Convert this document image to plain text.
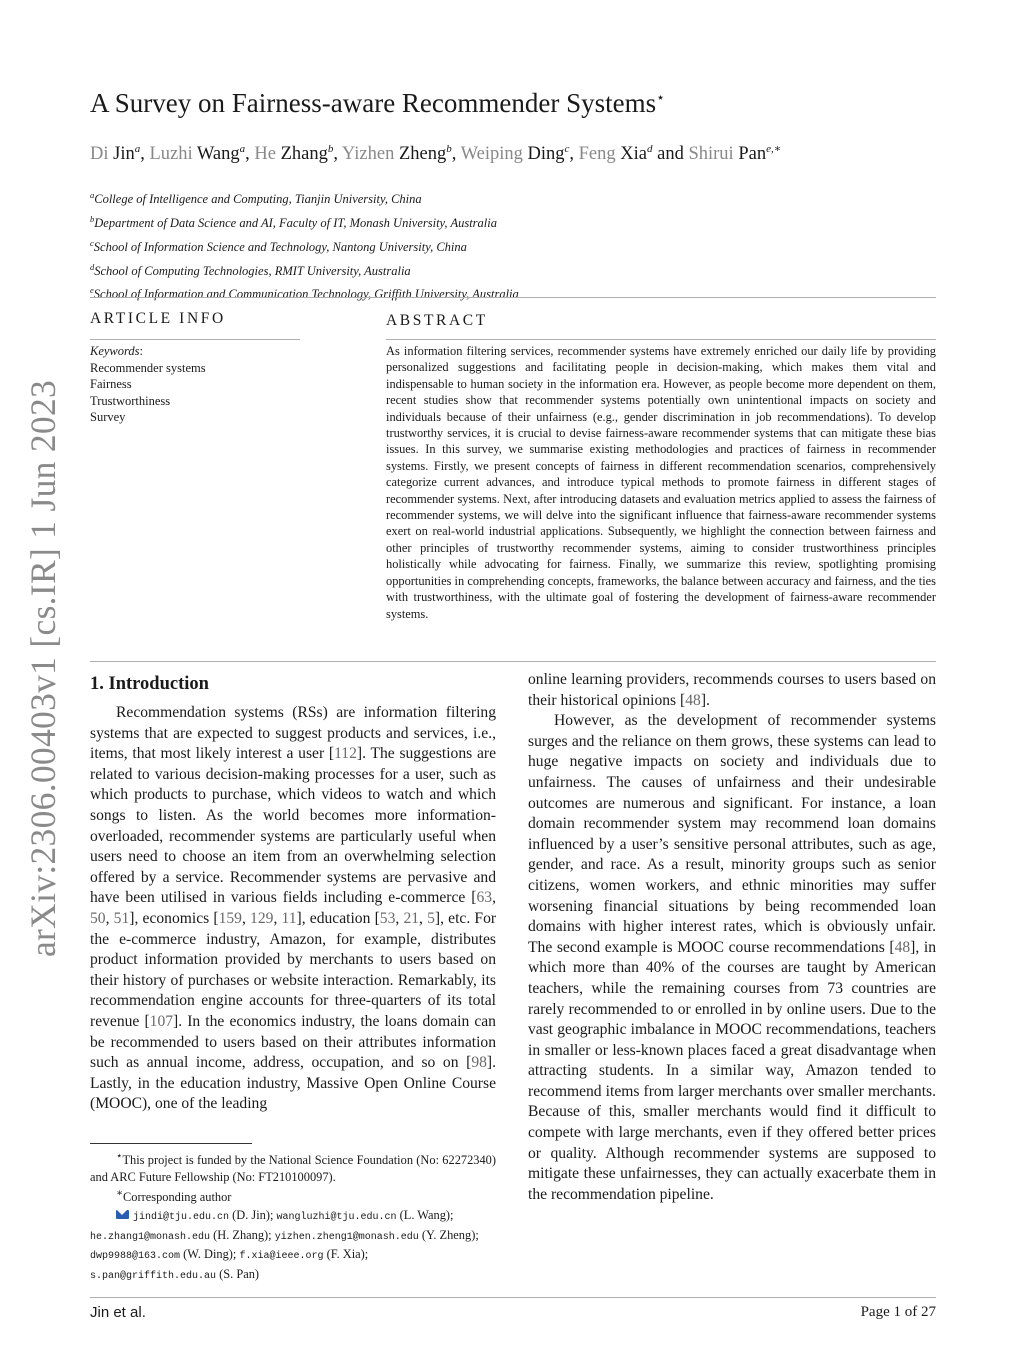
A Survey on Fairness-aware Recommender Systems⋆
Di Jin$^a$, Luzhi Wang$^a$, He Zhang$^b$, Yizhen Zheng$^b$, Weiping Ding$^c$, Feng Xia$^d$ and Shirui Pan$^{e,∗}$
$^a$College of Intelligence and Computing, Tianjin University, China
$^b$Department of Data Science and AI, Faculty of IT, Monash University, Australia
$^c$School of Information Science and Technology, Nantong University, China
$^d$School of Computing Technologies, RMIT University, Australia
$^e$School of Information and Communication Technology, Griffith University, Australia
ARTICLE INFO
Keywords:
Recommender systems
Fairness
Trustworthiness
Survey
ABSTRACT
As information filtering services, recommender systems have extremely enriched our daily life by providing personalized suggestions and facilitating people in decision-making, which makes them vital and indispensable to human society in the information era. However, as people become more dependent on them, recent studies show that recommender systems potentially own unintentional impacts on society and individuals because of their unfairness (e.g., gender discrimination in job recommendations). To develop trustworthy services, it is crucial to devise fairness-aware recommender systems that can mitigate these bias issues. In this survey, we summarise existing methodologies and practices of fairness in recommender systems. Firstly, we present concepts of fairness in different recommendation scenarios, comprehensively categorize current advances, and introduce typical methods to promote fairness in different stages of recommender systems. Next, after introducing datasets and evaluation metrics applied to assess the fairness of recommender systems, we will delve into the significant influence that fairness-aware recommender systems exert on real-world industrial applications. Subsequently, we highlight the connection between fairness and other principles of trustworthy recommender systems, aiming to consider trustworthiness principles holistically while advocating for fairness. Finally, we summarize this review, spotlighting promising opportunities in comprehending concepts, frameworks, the balance between accuracy and fairness, and the ties with trustworthiness, with the ultimate goal of fostering the development of fairness-aware recommender systems.
arXiv:2306.00403v1 [cs.IR] 1 Jun 2023 1. Introduction

Recommendation systems (RSs) are information filtering systems that are expected to suggest products and services, i.e., items, that most likely interest a user [112]. The suggestions are related to various decision-making processes for a user, such as which products to purchase, which videos to watch and which songs to listen. As the world becomes more information-overloaded, recommender systems are particularly useful when users need to choose an item from an overwhelming selection offered by a service. Recommender systems are pervasive and have been utilised in various fields including e-commerce [63, 50, 51], economics [159, 129, 11], education [53, 21, 5], etc. For the e-commerce industry, Amazon, for example, distributes product information provided by merchants to users based on their history of purchases or website interaction. Remarkably, its recommendation engine accounts for three-quarters of its total revenue [107]. In the economics industry, the loans domain can be recommended to users based on their attributes information such as annual income, address, occupation, and so on [98]. Lastly, in the education industry, Massive Open Online Course (MOOC), one of the leading

⋆This project is funded by the National Science Foundation (No: 62272340) and ARC Future Fellowship (No: FT210100097).

∗Corresponding author

jindi@tju.edu.cn (D. Jin); wangluzhi@tju.edu.cn (L. Wang); he.zhang1@monash.edu (H. Zhang); yizhen.zheng1@monash.edu (Y. Zheng); dwp9988@163.com (W. Ding); f.xia@ieee.org (F. Xia); s.pan@griffith.edu.au (S. Pan)

online learning providers, recommends courses to users based on their historical opinions [48].

However, as the development of recommender systems surges and the reliance on them grows, these systems can lead to huge negative impacts on society and individuals due to unfairness. The causes of unfairness and their undesirable outcomes are numerous and significant. For instance, a loan domain recommender system may recommend loan domains influenced by a user’s sensitive personal attributes, such as age, gender, and race. As a result, minority groups such as senior citizens, women workers, and ethnic minorities may suffer worsening financial situations by being recommended loan domains with higher interest rates, which is obviously unfair. The second example is MOOC course recommendations [48], in which more than 40% of the courses are taught by American teachers, while the remaining courses from 73 countries are rarely recommended to or enrolled in by online users. Due to the vast geographic imbalance in MOOC recommendations, teachers in smaller or less-known places faced a great disadvantage when attracting students. In a similar way, Amazon tended to recommend items from larger merchants over smaller merchants. Because of this, smaller merchants would find it difficult to compete with large merchants, even if they offered better prices or quality. Although recommender systems are supposed to mitigate these unfairnesses, they can actually exacerbate them in the recommendation pipeline.

Jin et al.	Page 1 of 27
